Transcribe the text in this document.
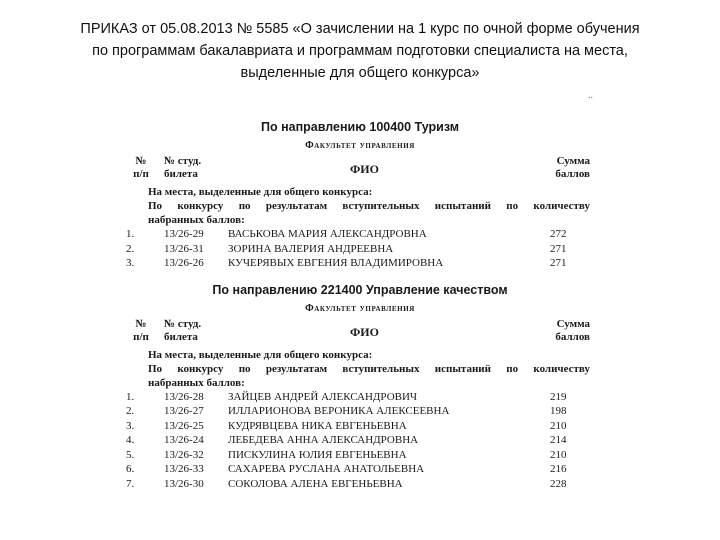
ПРИКАЗ от 05.08.2013 № 5585 «О зачислении на 1 курс по очной форме обучения
по программам бакалавриата и программам подготовки специалиста на места,
выделенные для общего конкурса»
..
По направлению 100400 Туризм
Факультет управления
№
п/п
№ студ.
билета	ФИО
Сумма
баллов
На места, выделенные для общего конкурса:
По конкурсу по результатам вступительных испытаний по количеству
набранных баллов:
1.	13/26-29 ВАСЬКОВА МАРИЯ АЛЕКСАНДРОВНА	272
2.	13/26-31 ЗОРИНА ВАЛЕРИЯ АНДРЕЕВНА	271
3.	13/26-26 КУЧЕРЯВЫХ ЕВГЕНИЯ ВЛАДИМИРОВНА	271
По направлению 221400 Управление качеством
Факультет управления
№
п/п
№ студ.
билета	ФИО
Сумма
баллов
На места, выделенные для общего конкурса:
По конкурсу по результатам вступительных испытаний по количеству
набранных баллов:
1.	13/26-28 ЗАЙЦЕВ АНДРЕЙ АЛЕКСАНДРОВИЧ	219
2.	13/26-27 ИЛЛАРИОНОВА ВЕРОНИКА АЛЕКСЕЕВНА	198
3.	13/26-25 КУДРЯВЦЕВА НИКА ЕВГЕНЬЕВНА	210
4.	13/26-24 ЛЕБЕДЕВА АННА АЛЕКСАНДРОВНА	214
5.	13/26-32 ПИСКУЛИНА ЮЛИЯ ЕВГЕНЬЕВНА	210
6.	13/26-33 САХАРЕВА РУСЛАНА АНАТОЛЬЕВНА	216
7.	13/26-30 СОКОЛОВА АЛЕНА ЕВГЕНЬЕВНА	228
